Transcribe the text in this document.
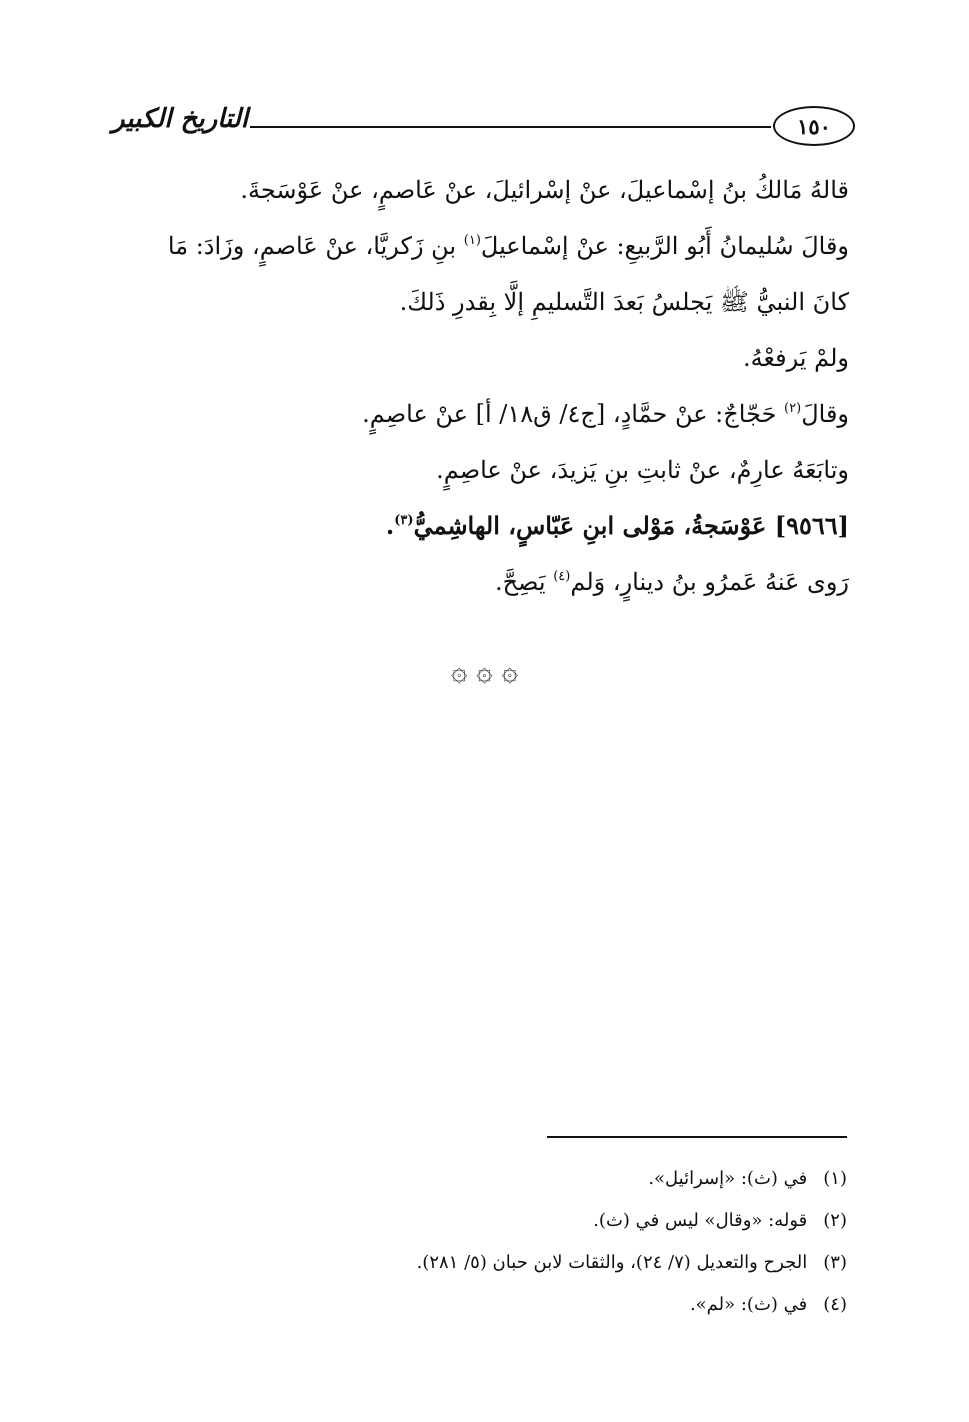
١٥٠
التاريخ الكبير

قالهُ مَالكُ بنُ إسْماعيلَ، عنْ إسْرائيلَ، عنْ عَاصمٍ، عنْ عَوْسَجةَ.

وقالَ سُليمانُ أَبُو الرَّبيعِ: عنْ إسْماعيلَ$^{(١)}$ بنِ زَكريَّا، عنْ عَاصمٍ، وزَادَ: مَا

كانَ النبيُّ ﷺ يَجلسُ بَعدَ التَّسليمِ إلَّا بِقدرِ ذَلكَ.

ولمْ يَرفعْهُ.

وقالَ$^{(٢)}$ حَجّاجٌ: عنْ حمَّادٍ، [ج٤/ ق١٨/ أ] عنْ عاصِمٍ.

وتابَعَهُ عارِمٌ، عنْ ثابتِ بنِ يَزيدَ، عنْ عاصِمٍ.

[٩٥٦٦] عَوْسَجةُ، مَوْلى ابنِ عَبّاسٍ، الهاشِميُّ$^{(٣)}$.

رَوى عَنهُ عَمرُو بنُ دينارٍ، وَلم$^{(٤)}$ يَصِحَّ.

۞ ۞ ۞
(١)
في (ث): «إسرائيل».
(٢)
قوله: «وقال» ليس في (ث).
(٣)
الجرح والتعديل (٧/ ٢٤)، والثقات لابن حبان (٥/ ٢٨١).
(٤)
في (ث): «لم».
